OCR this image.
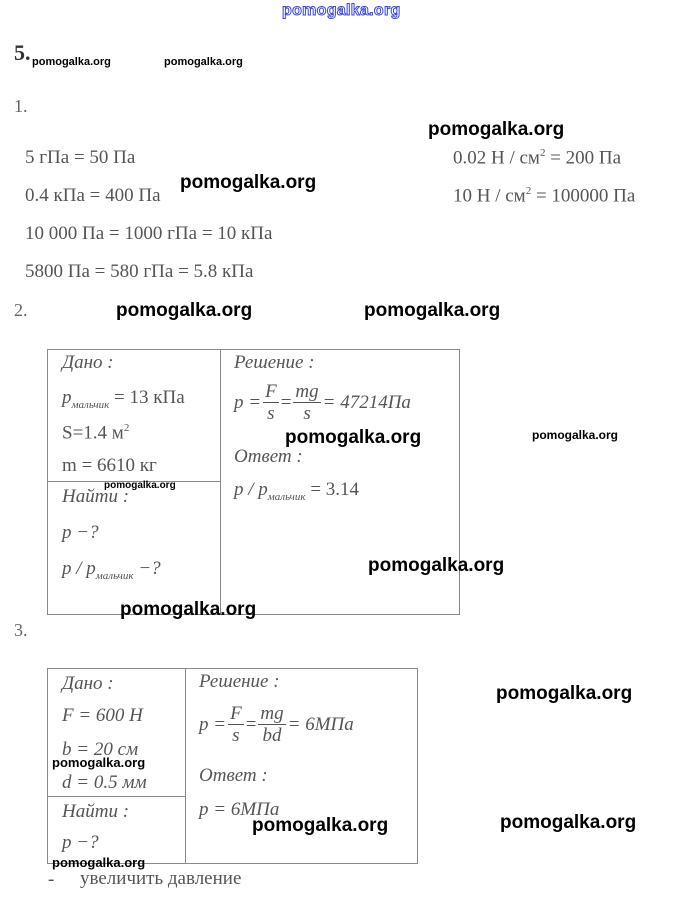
pomogalka.org
5. pomogalka.org	pomogalka.org
1.
pomogalka.org
5 гПа = 50 Па
0.4 кПа = 400 Па
pomogalka.org
10 000 Па = 1000 гПа = 10 кПа
5800 Па = 580 гПа = 5.8 кПа
0.02 $Н / см^2 = 200$ Па
10 $Н / см^2 = 100000$ Па
2.	pomogalka.org	pomogalka.org
Дано :
$p_{мальчик} = 13$ кПа
S=1.4 $м^2$
m = 6610 кг
pomogalka.org
Найти :
p −?
p / $p_{мальчик}$ −?
Решение :
$p = \frac{F}{s} = \frac{mg}{s} = 47214Па$
pomogalka.org	pomogalka.org
Ответ :
$p / p_{мальчик} = 3.14$
pomogalka.org
pomogalka.org
3.
Дано :
F = 600 Н
b = 20 см
pomogalka.org
d = 0.5 мм
Найти :
p −?
Решение :
$p = \frac{F}{s} = \frac{mg}{bd} = 6МПа$
Ответ :
p = 6МПа
pomogalka.org
pomogalka.org
pomogalka.org
pomogalka.org
- увеличить давление
